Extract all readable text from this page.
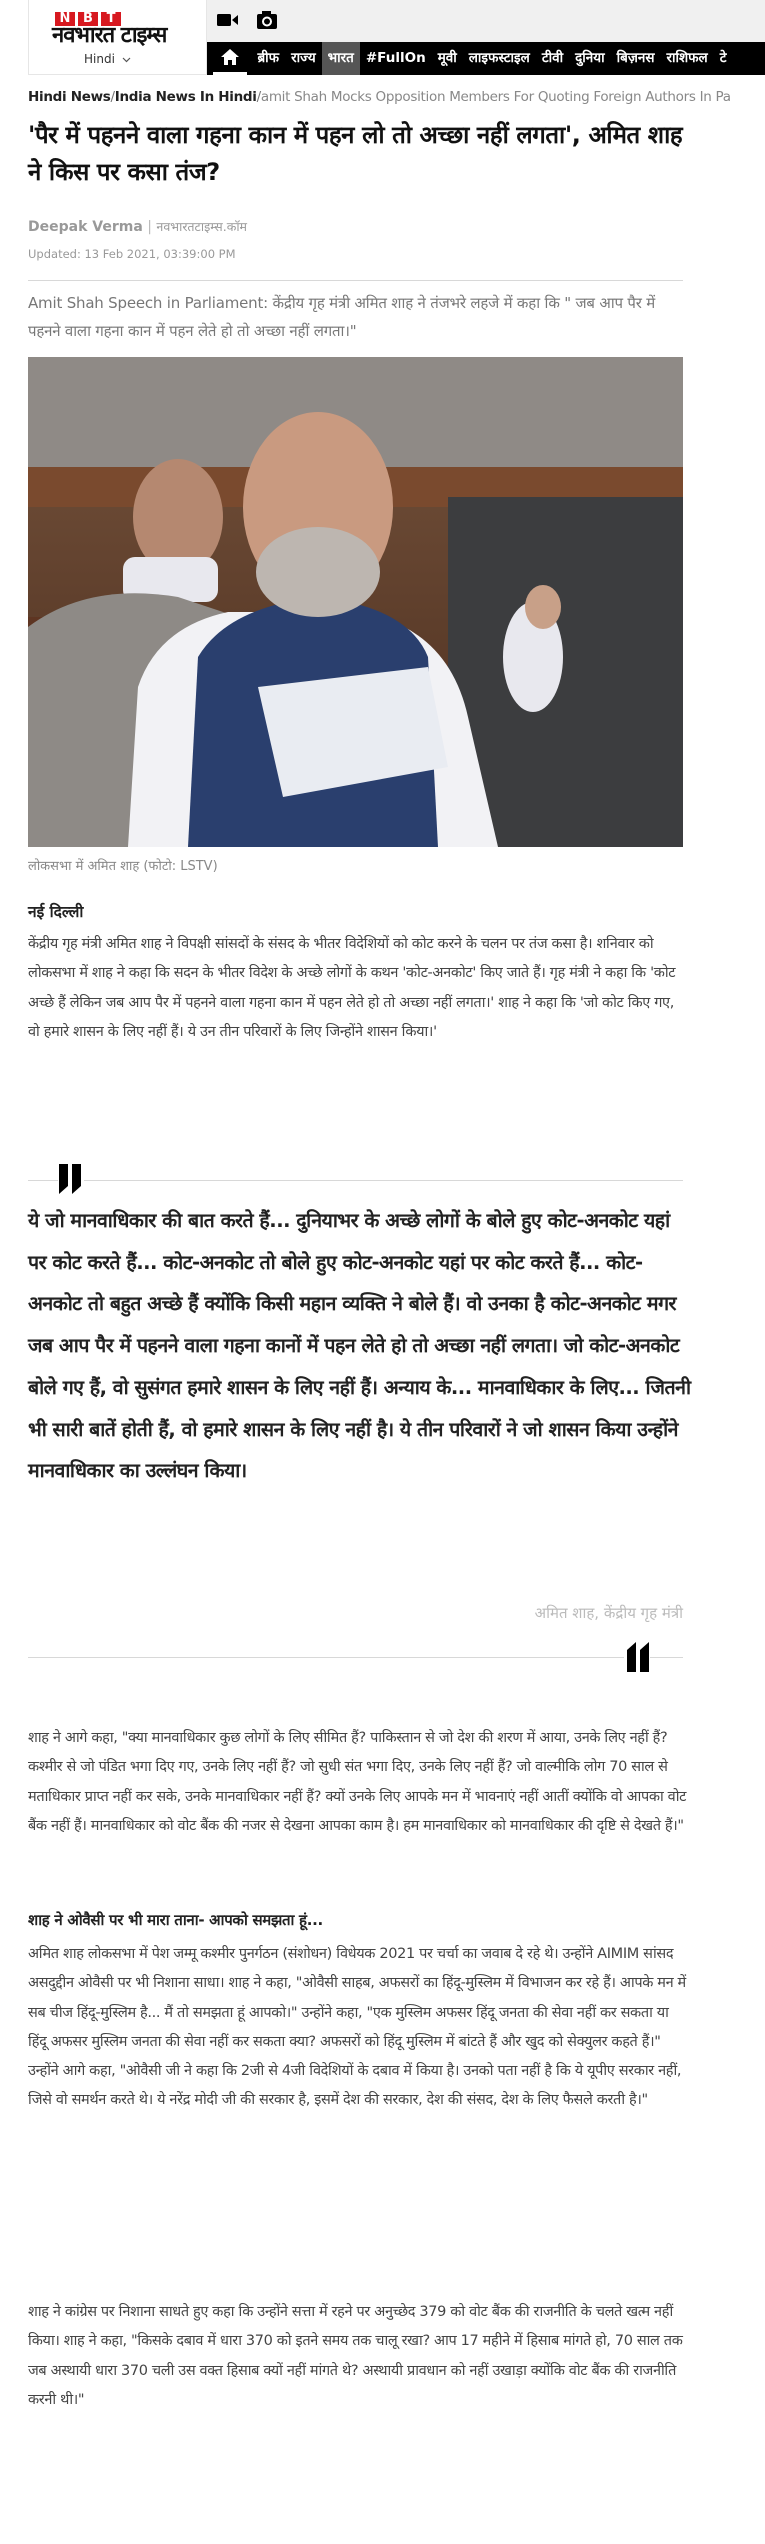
N B	T
नवभारत टाइम्स
Hindi	ब्रीफ राज्य भारत #FullOn मूवी लाइफस्टाइल टीवी दुनिया बिज़नस राशिफल टे
Hindi News/India News In Hindi/amit Shah Mocks Opposition Members For Quoting Foreign Authors In Pa
'पैर में पहनने वाला गहना कान में पहन लो तो अच्छा नहीं लगता', अमित शाह ने किस पर कसा तंज?
Deepak Verma | नवभारतटाइम्स.कॉम
Updated: 13 Feb 2021, 03:39:00 PM
Amit Shah Speech in Parliament: केंद्रीय गृह मंत्री अमित शाह ने तंजभरे लहजे में कहा कि " जब आप पैर में पहनने वाला गहना कान में पहन लेते हो तो अच्छा नहीं लगता।"
लोकसभा में अमित शाह (फोटो: LSTV)
नई दिल्ली
केंद्रीय गृह मंत्री अमित शाह ने विपक्षी सांसदों के संसद के भीतर विदेशियों को कोट करने के चलन पर तंज कसा है। शनिवार को लोकसभा में शाह ने कहा कि सदन के भीतर विदेश के अच्छे लोगों के कथन 'कोट-अनकोट' किए जाते हैं। गृह मंत्री ने कहा कि 'कोट अच्छे हैं लेकिन जब आप पैर में पहनने वाला गहना कान में पहन लेते हो तो अच्छा नहीं लगता।' शाह ने कहा कि 'जो कोट किए गए, वो हमारे शासन के लिए नहीं हैं। ये उन तीन परिवारों के लिए जिन्होंने शासन किया।'
ये जो मानवाधिकार की बात करते हैं... दुनियाभर के अच्छे लोगों के बोले हुए कोट-अनकोट यहां पर कोट करते हैं... कोट-अनकोट तो बोले हुए कोट-अनकोट यहां पर कोट करते हैं... कोट-अनकोट तो बहुत अच्छे हैं क्योंकि किसी महान व्यक्ति ने बोले हैं। वो उनका है कोट-अनकोट मगर जब आप पैर में पहनने वाला गहना कानों में पहन लेते हो तो अच्छा नहीं लगता। जो कोट-अनकोट बोले गए हैं, वो सुसंगत हमारे शासन के लिए नहीं हैं। अन्याय के... मानवाधिकार के लिए... जितनी भी सारी बातें होती हैं, वो हमारे शासन के लिए नहीं है। ये तीन परिवारों ने जो शासन किया उन्होंने मानवाधिकार का उल्लंघन किया।
अमित शाह, केंद्रीय गृह मंत्री
शाह ने आगे कहा, "क्या मानवाधिकार कुछ लोगों के लिए सीमित हैं? पाकिस्तान से जो देश की शरण में आया, उनके लिए नहीं हैं? कश्मीर से जो पंडित भगा दिए गए, उनके लिए नहीं हैं? जो सुधी संत भगा दिए, उनके लिए नहीं हैं? जो वाल्मीकि लोग 70 साल से मताधिकार प्राप्त नहीं कर सके, उनके मानवाधिकार नहीं हैं? क्यों उनके लिए आपके मन में भावनाएं नहीं आतीं क्योंकि वो आपका वोट बैंक नहीं हैं। मानवाधिकार को वोट बैंक की नजर से देखना आपका काम है। हम मानवाधिकार को मानवाधिकार की दृष्टि से देखते हैं।"
शाह ने ओवैसी पर भी मारा ताना- आपको समझता हूं...
अमित शाह लोकसभा में पेश जम्मू कश्मीर पुनर्गठन (संशोधन) विधेयक 2021 पर चर्चा का जवाब दे रहे थे। उन्होंने AIMIM सांसद असदुद्दीन ओवैसी पर भी निशाना साधा। शाह ने कहा, "ओवैसी साहब, अफसरों का हिंदू-मुस्लिम में विभाजन कर रहे हैं। आपके मन में सब चीज हिंदू-मुस्लिम है... मैं तो समझता हूं आपको।" उन्होंने कहा, "एक मुस्लिम अफसर हिंदू जनता की सेवा नहीं कर सकता या हिंदू अफसर मुस्लिम जनता की सेवा नहीं कर सकता क्या? अफसरों को हिंदू मुस्लिम में बांटते हैं और खुद को सेक्युलर कहते हैं।" उन्होंने आगे कहा, "ओवैसी जी ने कहा कि 2जी से 4जी विदेशियों के दबाव में किया है। उनको पता नहीं है कि ये यूपीए सरकार नहीं, जिसे वो समर्थन करते थे। ये नरेंद्र मोदी जी की सरकार है, इसमें देश की सरकार, देश की संसद, देश के लिए फैसले करती है।"
शाह ने कांग्रेस पर निशाना साधते हुए कहा कि उन्होंने सत्ता में रहने पर अनुच्छेद 379 को वोट बैंक की राजनीति के चलते खत्म नहीं किया। शाह ने कहा, "किसके दबाव में धारा 370 को इतने समय तक चालू रखा? आप 17 महीने में हिसाब मांगते हो, 70 साल तक जब अस्थायी धारा 370 चली उस वक्त हिसाब क्यों नहीं मांगते थे? अस्थायी प्रावधान को नहीं उखाड़ा क्योंकि वोट बैंक की राजनीति करनी थी।"
